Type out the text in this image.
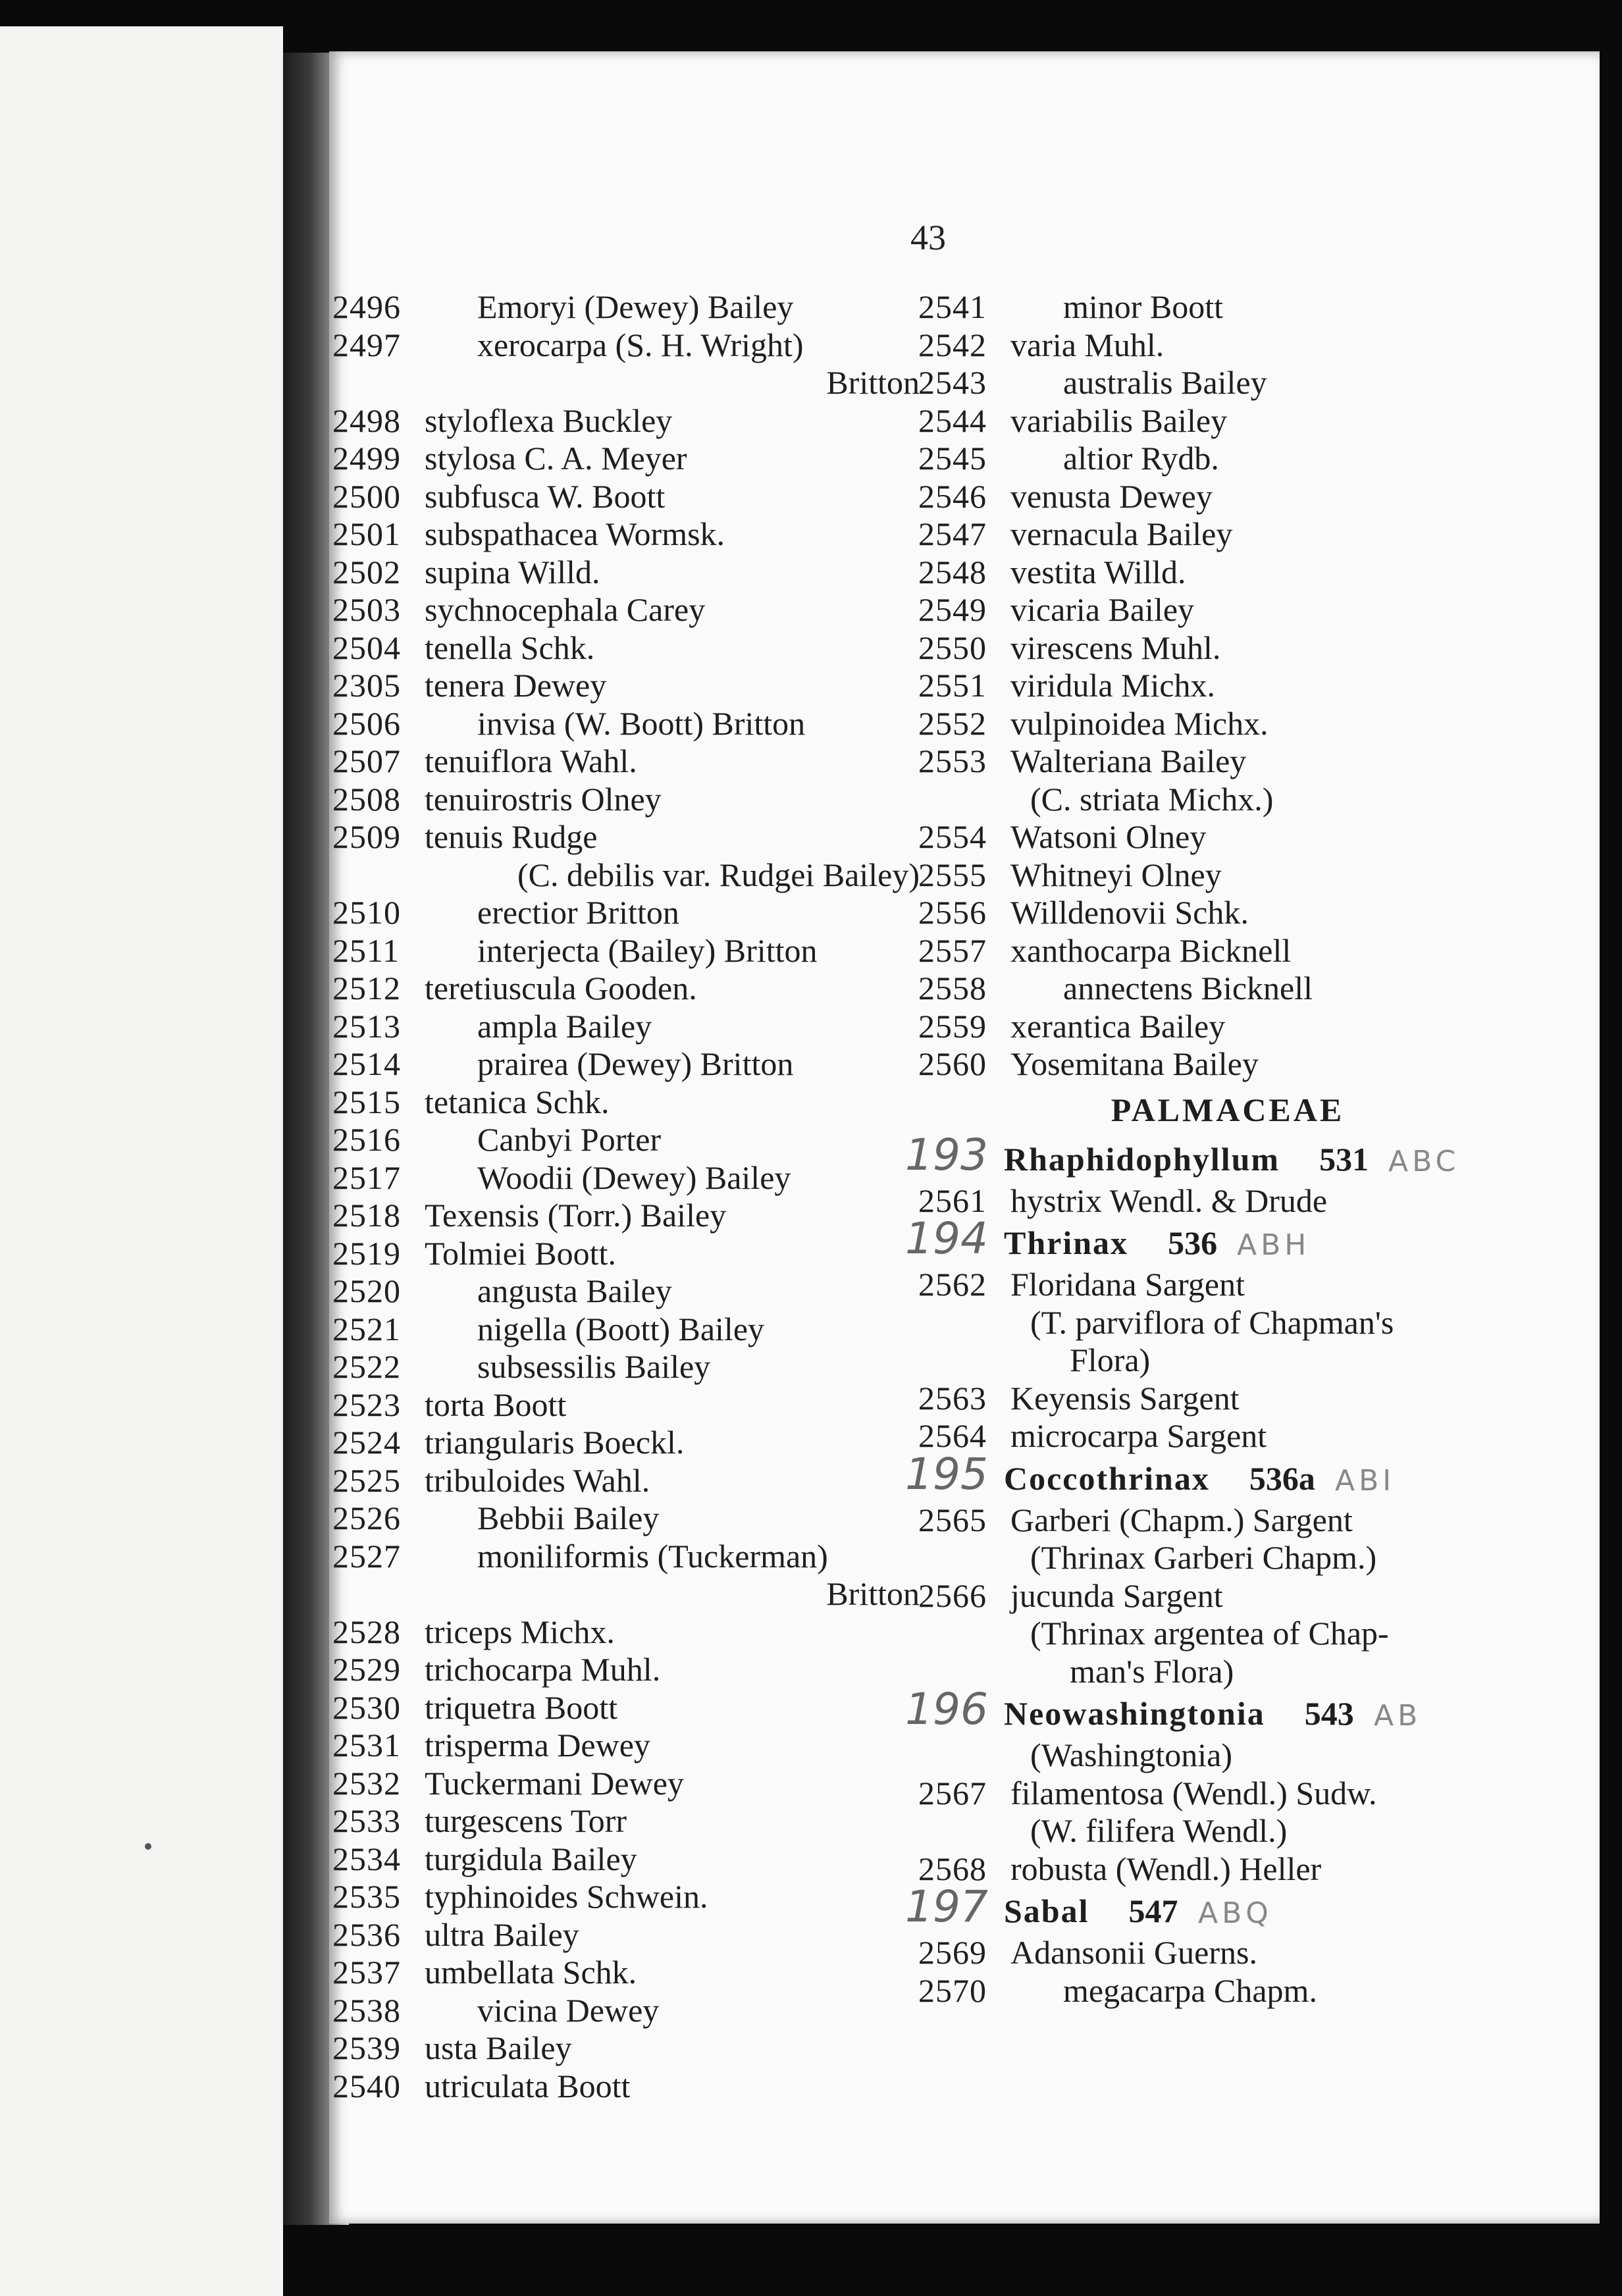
43
2496 Emoryi (Dewey) Bailey
2497 xerocarpa (S. H. Wright)
Britton
2498 styloflexa Buckley
2499 stylosa C. A. Meyer
2500 subfusca W. Boott
2501 subspathacea Wormsk.
2502 supina Willd.
2503 sychnocephala Carey
2504 tenella Schk.
2305 tenera Dewey
2506 invisa (W. Boott) Britton
2507 tenuiflora Wahl.
2508 tenuirostris Olney
2509 tenuis Rudge
(C. debilis var. Rudgei Bailey)
2510 erectior Britton
2511 interjecta (Bailey) Britton
2512 teretiuscula Gooden.
2513 ampla Bailey
2514 prairea (Dewey) Britton
2515 tetanica Schk.
2516 Canbyi Porter
2517 Woodii (Dewey) Bailey
2518 Texensis (Torr.) Bailey
2519 Tolmiei Boott.
2520 angusta Bailey
2521 nigella (Boott) Bailey
2522 subsessilis Bailey
2523 torta Boott
2524 triangularis Boeckl.
2525 tribuloides Wahl.
2526 Bebbii Bailey
2527 moniliformis (Tuckerman)
Britton
2528 triceps Michx.
2529 trichocarpa Muhl.
2530 triquetra Boott
2531 trisperma Dewey
2532 Tuckermani Dewey
2533 turgescens Torr
2534 turgidula Bailey
2535 typhinoides Schwein.
2536 ultra Bailey
2537 umbellata Schk.
2538 vicina Dewey
2539 usta Bailey
2540 utriculata Boott
2541 minor Boott
2542 varia Muhl.
2543 australis Bailey
2544 variabilis Bailey
2545 altior Rydb.
2546 venusta Dewey
2547 vernacula Bailey
2548 vestita Willd.
2549 vicaria Bailey
2550 virescens Muhl.
2551 viridula Michx.
2552 vulpinoidea Michx.
2553 Walteriana Bailey
(C. striata Michx.)
2554 Watsoni Olney
2555 Whitneyi Olney
2556 Willdenovii Schk.
2557 xanthocarpa Bicknell
2558 annectens Bicknell
2559 xerantica Bailey
2560 Yosemitana Bailey
PALMACEAE
193 Rhaphidophyllum 531 ABC
2561 hystrix Wendl. & Drude
194 Thrinax 536 ABH
2562 Floridana Sargent
(T. parviflora of Chapman's
Flora)
2563 Keyensis Sargent
2564 microcarpa Sargent
195 Coccothrinax 536a ABI
2565 Garberi (Chapm.) Sargent
(Thrinax Garberi Chapm.)
2566 jucunda Sargent
(Thrinax argentea of Chap-
man's Flora)
196 Neowashingtonia 543 AB
(Washingtonia)
2567 filamentosa (Wendl.) Sudw.
(W. filifera Wendl.)
2568 robusta (Wendl.) Heller
197 Sabal 547 ABQ
2569 Adansonii Guerns.
2570 megacarpa Chapm.
